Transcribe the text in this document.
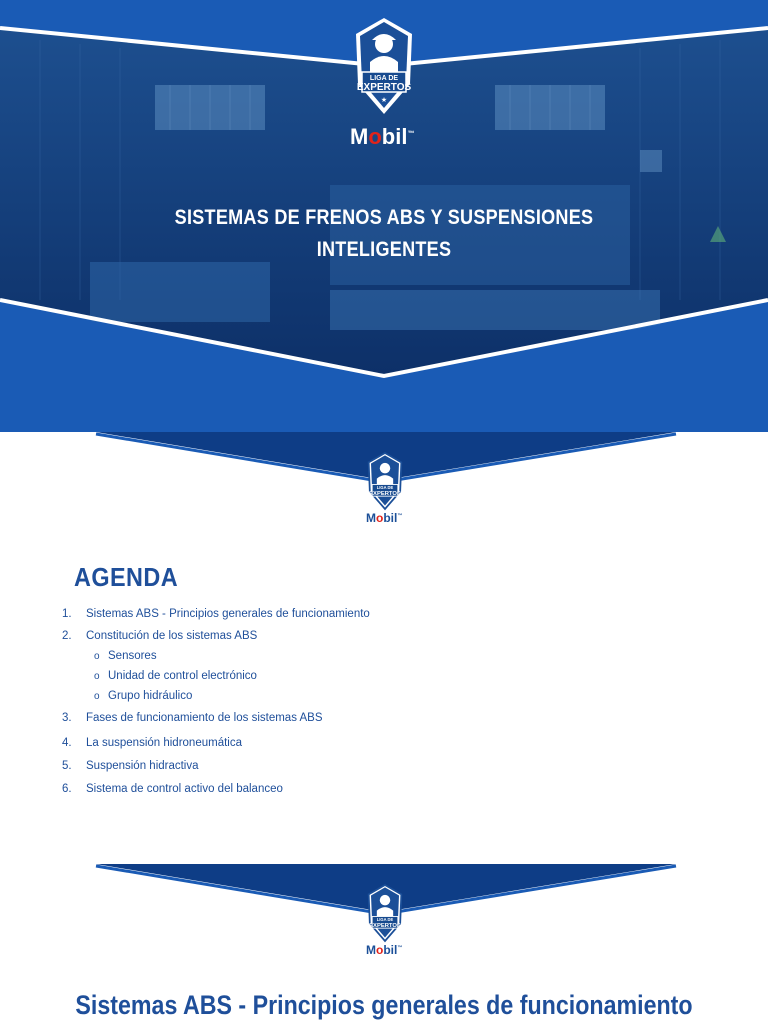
LIGA DE
EXPERTOS
★
Mobil™
SISTEMAS DE FRENOS ABS Y SUSPENSIONES
INTELIGENTES
LIGA DE
EXPERTOS
Mobil™
AGENDA
1. Sistemas ABS - Principios generales de funcionamiento
2. Constitución de los sistemas ABS
o Sensores
o Unidad de control electrónico
o Grupo hidráulico
3. Fases de funcionamiento de los sistemas ABS
4. La suspensión hidroneumática
5. Suspensión hidractiva
6. Sistema de control activo del balanceo
LIGA DE
EXPERTOS
Mobil™
Sistemas ABS - Principios generales de funcionamiento
